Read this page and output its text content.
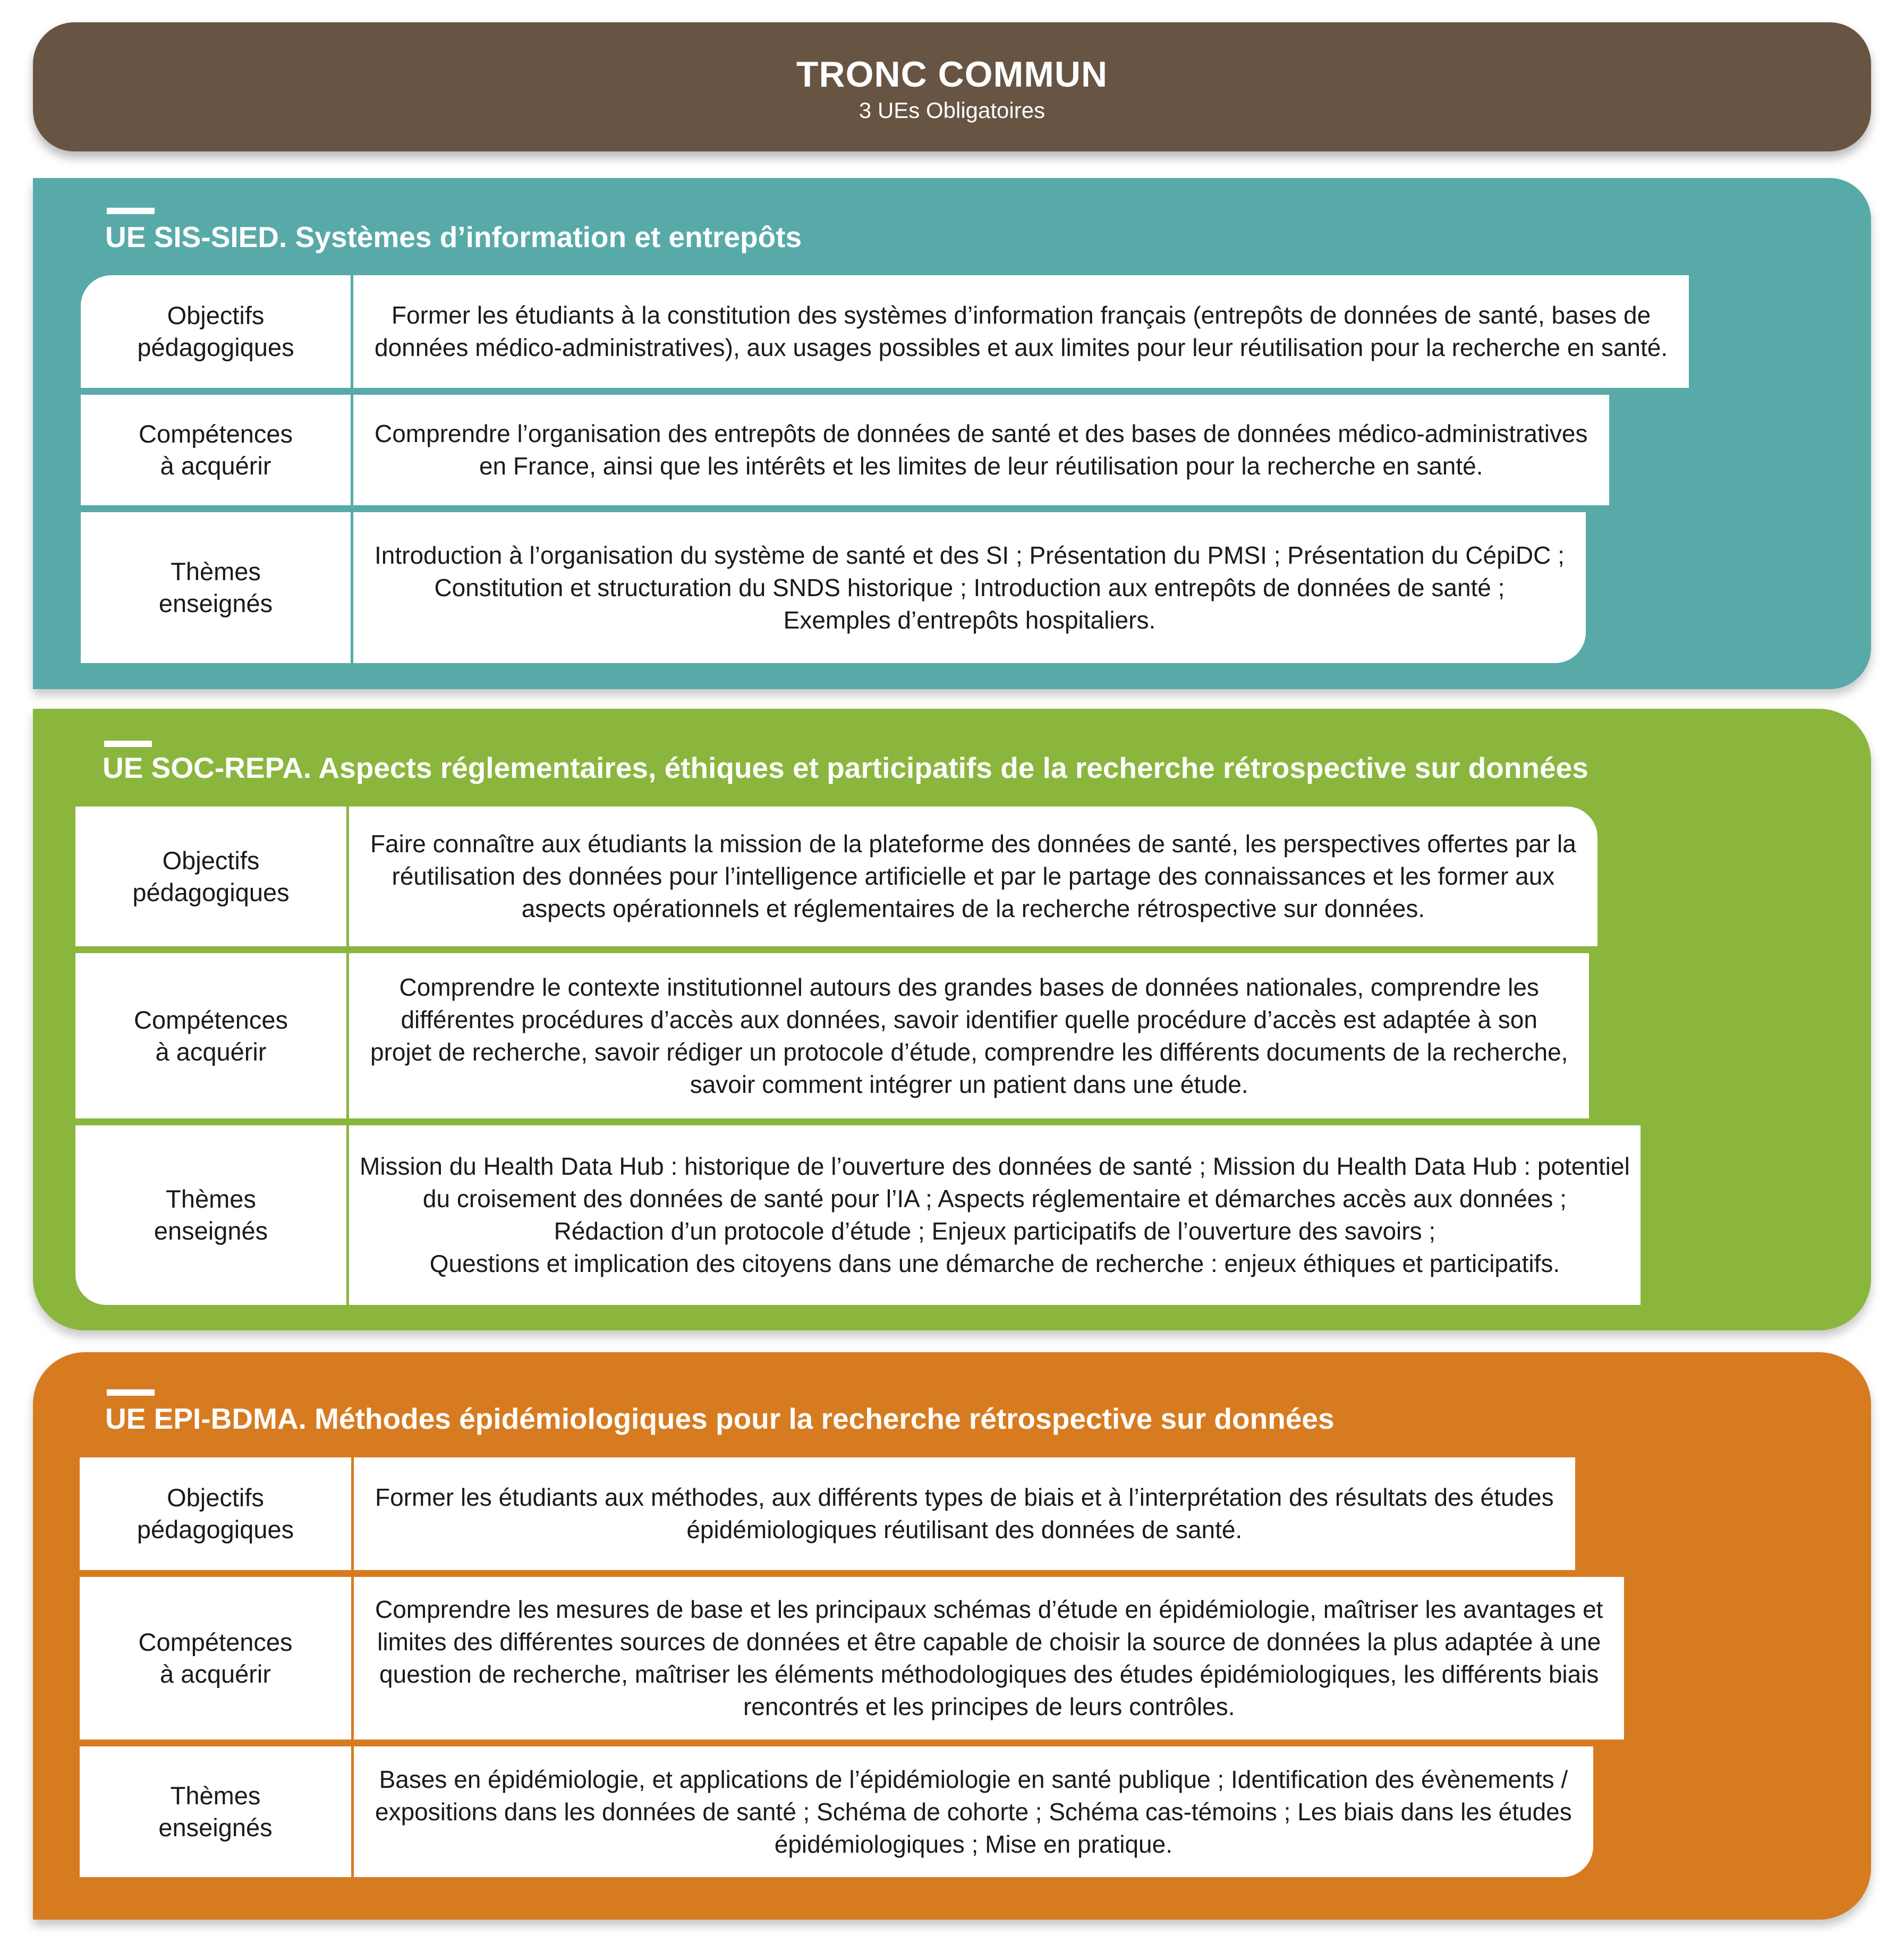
TRONC COMMUN
3 UEs Obligatoires
UE SIS-SIED. Systèmes d’information et entrepôts
Objectifs
pédagogiques
Former les étudiants à la constitution des systèmes d’information français (entrepôts de données de santé, bases de
données médico-administratives), aux usages possibles et aux limites pour leur réutilisation pour la recherche en santé.
Compétences
à acquérir
Comprendre l’organisation des entrepôts de données de santé et des bases de données médico-administratives
en France, ainsi que les intérêts et les limites de leur réutilisation pour la recherche en santé.
Thèmes
enseignés
Introduction à l’organisation du système de santé et des SI ; Présentation du PMSI ; Présentation du CépiDC ;
Constitution et structuration du SNDS historique ; Introduction aux entrepôts de données de santé ;
Exemples d’entrepôts hospitaliers.
UE SOC-REPA. Aspects réglementaires, éthiques et participatifs de la recherche rétrospective sur données
Objectifs
pédagogiques
Faire connaître aux étudiants la mission de la plateforme des données de santé, les perspectives offertes par la
réutilisation des données pour l’intelligence artificielle et par le partage des connaissances et les former aux
aspects opérationnels et réglementaires de la recherche rétrospective sur données.
Compétences
à acquérir
Comprendre le contexte institutionnel autours des grandes bases de données nationales, comprendre les
différentes procédures d’accès aux données, savoir identifier quelle procédure d’accès est adaptée à son
projet de recherche, savoir rédiger un protocole d’étude, comprendre les différents documents de la recherche,
savoir comment intégrer un patient dans une étude.
Thèmes
enseignés
Mission du Health Data Hub : historique de l’ouverture des données de santé ; Mission du Health Data Hub : potentiel
du croisement des données de santé pour l’IA ; Aspects réglementaire et démarches accès aux données ;
Rédaction d’un protocole d’étude ; Enjeux participatifs de l’ouverture des savoirs ;
Questions et implication des citoyens dans une démarche de recherche : enjeux éthiques et participatifs.
UE EPI-BDMA. Méthodes épidémiologiques pour la recherche rétrospective sur données
Objectifs
pédagogiques
Former les étudiants aux méthodes, aux différents types de biais et à l’interprétation des résultats des études
épidémiologiques réutilisant des données de santé.
Compétences
à acquérir
Comprendre les mesures de base et les principaux schémas d’étude en épidémiologie, maîtriser les avantages et
limites des différentes sources de données et être capable de choisir la source de données la plus adaptée à une
question de recherche, maîtriser les éléments méthodologiques des études épidémiologiques, les différents biais
rencontrés et les principes de leurs contrôles.
Thèmes
enseignés
Bases en épidémiologie, et applications de l’épidémiologie en santé publique ; Identification des évènements /
expositions dans les données de santé ; Schéma de cohorte ; Schéma cas-témoins ; Les biais dans les études
épidémiologiques ; Mise en pratique.
